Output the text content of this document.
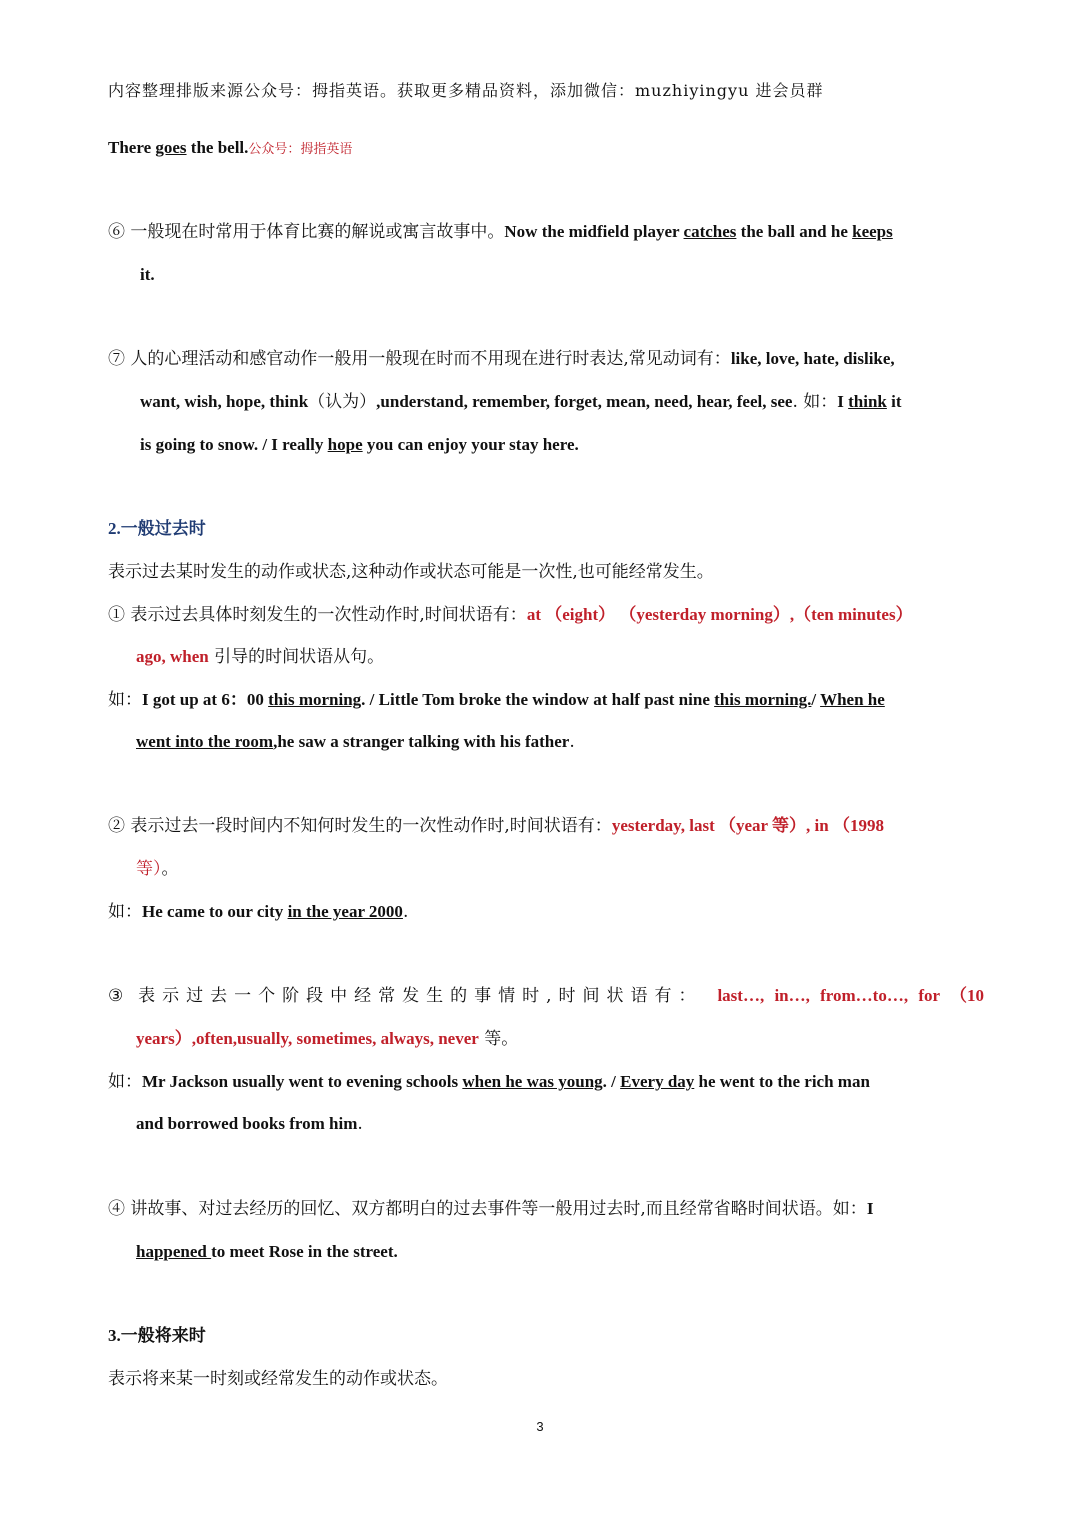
内容整理排版来源公众号：拇指英语。获取更多精品资料，添加微信：muzhiyingyu 进会员群
There goes the bell.公众号：拇指英语
⑥ 一般现在时常用于体育比赛的解说或寓言故事中。Now the midfield player catches the ball and he keeps
it.
⑦ 人的心理活动和感官动作一般用一般现在时而不用现在进行时表达,常见动词有：like, love, hate, dislike,
want, wish, hope, think（认为）,understand, remember, forget, mean, need, hear, feel, see. 如：I think it
is going to snow. / I really hope you can enjoy your stay here.
2.一般过去时
表示过去某时发生的动作或状态,这种动作或状态可能是一次性,也可能经常发生。
① 表示过去具体时刻发生的一次性动作时,时间状语有：at （eight） （yesterday morning）,（ten minutes）
ago, when 引导的时间状语从句。
如：I got up at 6：00 this morning. / Little Tom broke the window at half past nine this morning./ When he
went into the room,he saw a stranger talking with his father.
② 表示过去一段时间内不知何时发生的一次性动作时,时间状语有：yesterday, last （year 等）, in （1998
等）。
如：He came to our city in the year 2000.
③ 表示过去一个阶段中经常发生的事情时,时间状语有： last…, in…, from…to…, for （10
years）,often,usually, sometimes, always, never 等。
如：Mr Jackson usually went to evening schools when he was young. / Every day he went to the rich man
and borrowed books from him.
④ 讲故事、对过去经历的回忆、双方都明白的过去事件等一般用过去时,而且经常省略时间状语。如：I
happened to meet Rose in the street.
3.一般将来时
表示将来某一时刻或经常发生的动作或状态。
3
